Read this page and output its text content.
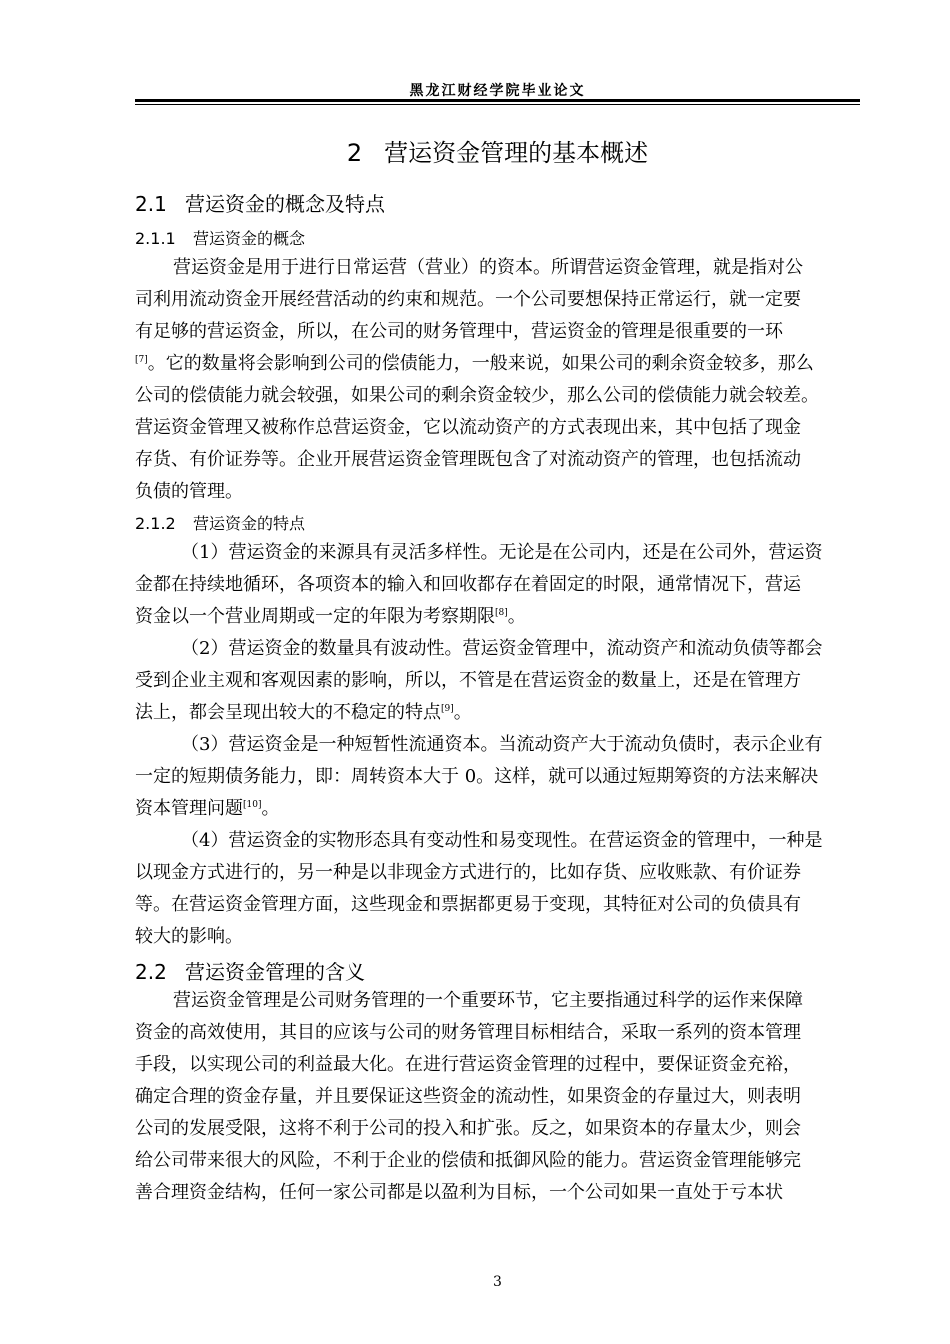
黑龙江财经学院毕业论文
2 营运资金管理的基本概述
2.1 营运资金的概念及特点
2.1.1 营运资金的概念
营运资金是用于进行日常运营（营业）的资本。所谓营运资金管理，就是指对公
司利用流动资金开展经营活动的约束和规范。一个公司要想保持正常运行，就一定要
有足够的营运资金，所以，在公司的财务管理中，营运资金的管理是很重要的一环
[7]。它的数量将会影响到公司的偿债能力，一般来说，如果公司的剩余资金较多，那么
公司的偿债能力就会较强，如果公司的剩余资金较少，那么公司的偿债能力就会较差。
营运资金管理又被称作总营运资金，它以流动资产的方式表现出来，其中包括了现金
存货、有价证券等。企业开展营运资金管理既包含了对流动资产的管理，也包括流动
负债的管理。
2.1.2 营运资金的特点
（1）营运资金的来源具有灵活多样性。无论是在公司内，还是在公司外，营运资
金都在持续地循环，各项资本的输入和回收都存在着固定的时限，通常情况下，营运
资金以一个营业周期或一定的年限为考察期限[8]。
（2）营运资金的数量具有波动性。营运资金管理中，流动资产和流动负债等都会
受到企业主观和客观因素的影响，所以，不管是在营运资金的数量上，还是在管理方
法上，都会呈现出较大的不稳定的特点[9]。
（3）营运资金是一种短暂性流通资本。当流动资产大于流动负债时，表示企业有
一定的短期债务能力，即：周转资本大于 0。这样，就可以通过短期筹资的方法来解决
资本管理问题[10]。
（4）营运资金的实物形态具有变动性和易变现性。在营运资金的管理中，一种是
以现金方式进行的，另一种是以非现金方式进行的，比如存货、应收账款、有价证券
等。在营运资金管理方面，这些现金和票据都更易于变现，其特征对公司的负债具有
较大的影响。
2.2 营运资金管理的含义
营运资金管理是公司财务管理的一个重要环节，它主要指通过科学的运作来保障
资金的高效使用，其目的应该与公司的财务管理目标相结合，采取一系列的资本管理
手段，以实现公司的利益最大化。在进行营运资金管理的过程中，要保证资金充裕，
确定合理的资金存量，并且要保证这些资金的流动性，如果资金的存量过大，则表明
公司的发展受限，这将不利于公司的投入和扩张。反之，如果资本的存量太少，则会
给公司带来很大的风险，不利于企业的偿债和抵御风险的能力。营运资金管理能够完
善合理资金结构，任何一家公司都是以盈利为目标，一个公司如果一直处于亏本状
3
